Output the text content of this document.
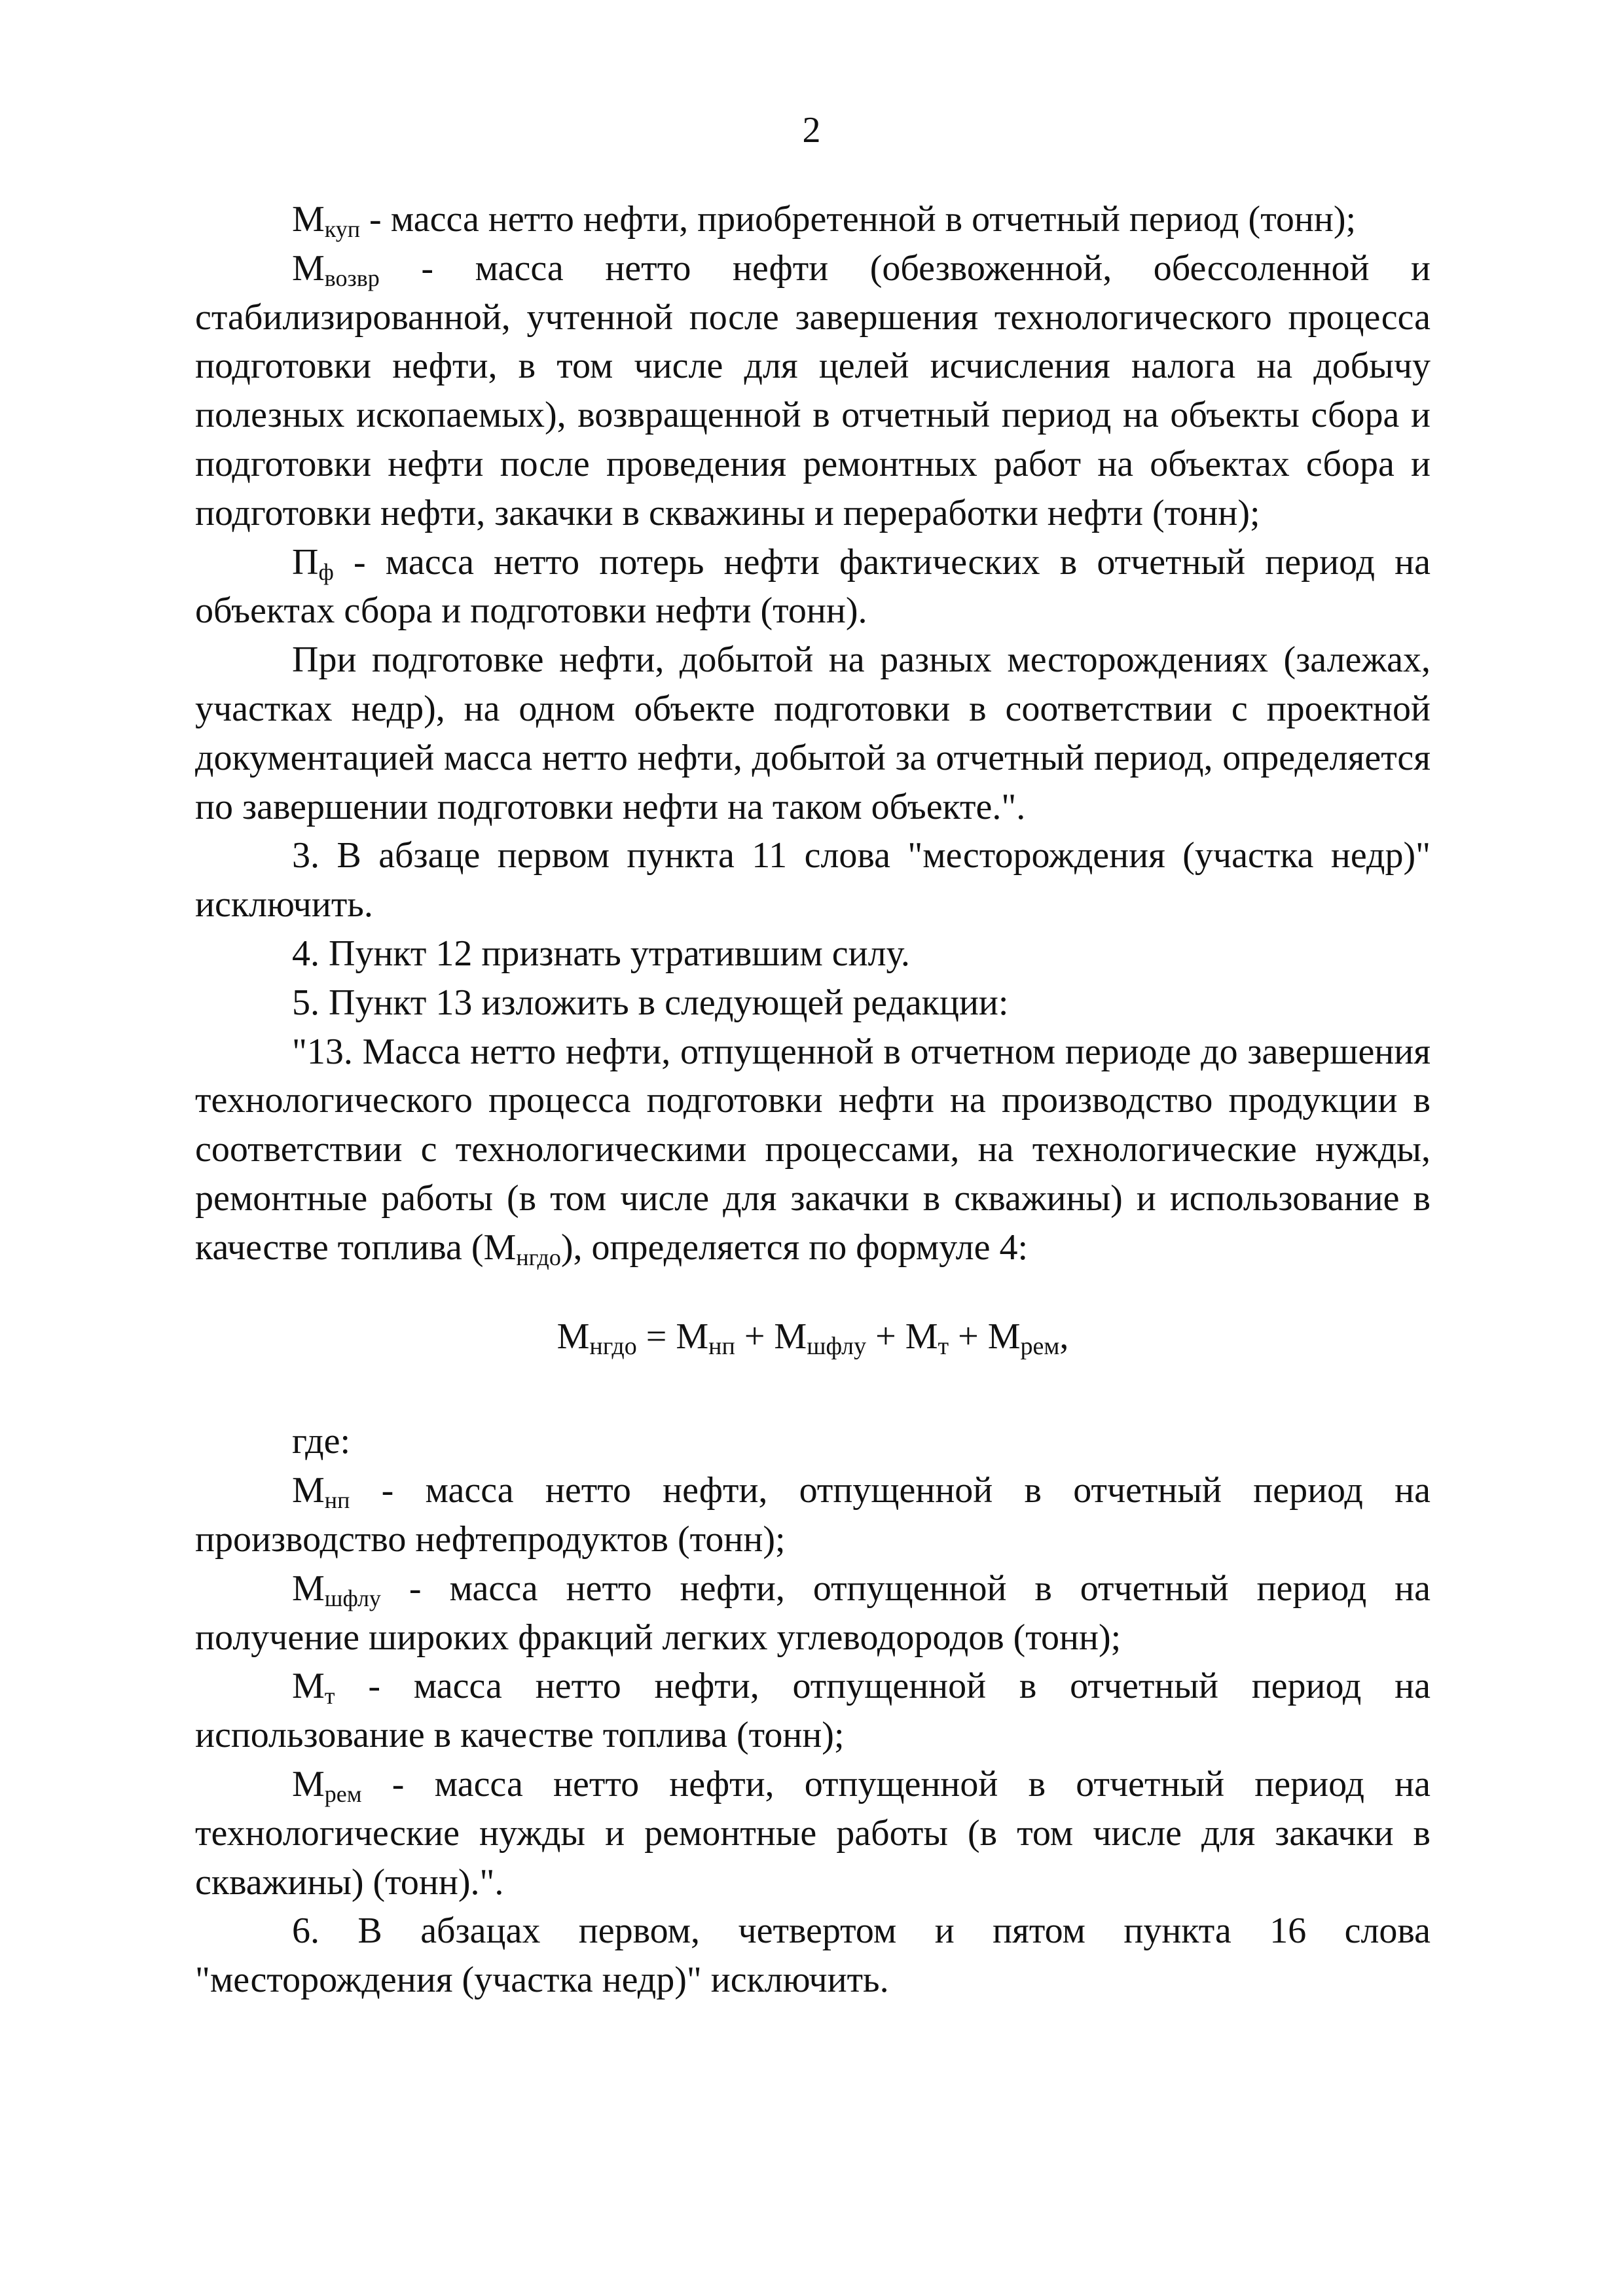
2

$М_{куп}$ - масса нетто нефти, приобретенной в отчетный период (тонн);

$М_{возвр}$ - масса нетто нефти (обезвоженной, обессоленной и стабилизированной, учтенной после завершения технологического процесса подготовки нефти, в том числе для целей исчисления налога на добычу полезных ископаемых), возвращенной в отчетный период на объекты сбора и подготовки нефти после проведения ремонтных работ на объектах сбора и подготовки нефти, закачки в скважины и переработки нефти (тонн);

$П_ф$ - масса нетто потерь нефти фактических в отчетный период на объектах сбора и подготовки нефти (тонн).

При подготовке нефти, добытой на разных месторождениях (залежах, участках недр), на одном объекте подготовки в соответствии с проектной документацией масса нетто нефти, добытой за отчетный период, определяется по завершении подготовки нефти на таком объекте.".

3. В абзаце первом пункта 11 слова "месторождения (участка недр)" исключить.

4. Пункт 12 признать утратившим силу.

5. Пункт 13 изложить в следующей редакции:

"13. Масса нетто нефти, отпущенной в отчетном периоде до завершения технологического процесса подготовки нефти на производство продукции в соответствии с технологическими процессами, на технологические нужды, ремонтные работы (в том числе для закачки в скважины) и использование в качестве топлива $(М_{нгдо})$, определяется по формуле 4:

$М_{нгдо} = М_{нп} + М_{шфлу} + М_т + М_{рем}$,

где:

$М_{нп}$ - масса нетто нефти, отпущенной в отчетный период на производство нефтепродуктов (тонн);

$М_{шфлу}$ - масса нетто нефти, отпущенной в отчетный период на получение широких фракций легких углеводородов (тонн);

$М_т$ - масса нетто нефти, отпущенной в отчетный период на использование в качестве топлива (тонн);

$М_{рем}$ - масса нетто нефти, отпущенной в отчетный период на технологические нужды и ремонтные работы (в том числе для закачки в скважины) (тонн).".

6. В абзацах первом, четвертом и пятом пункта 16 слова "месторождения (участка недр)" исключить.
